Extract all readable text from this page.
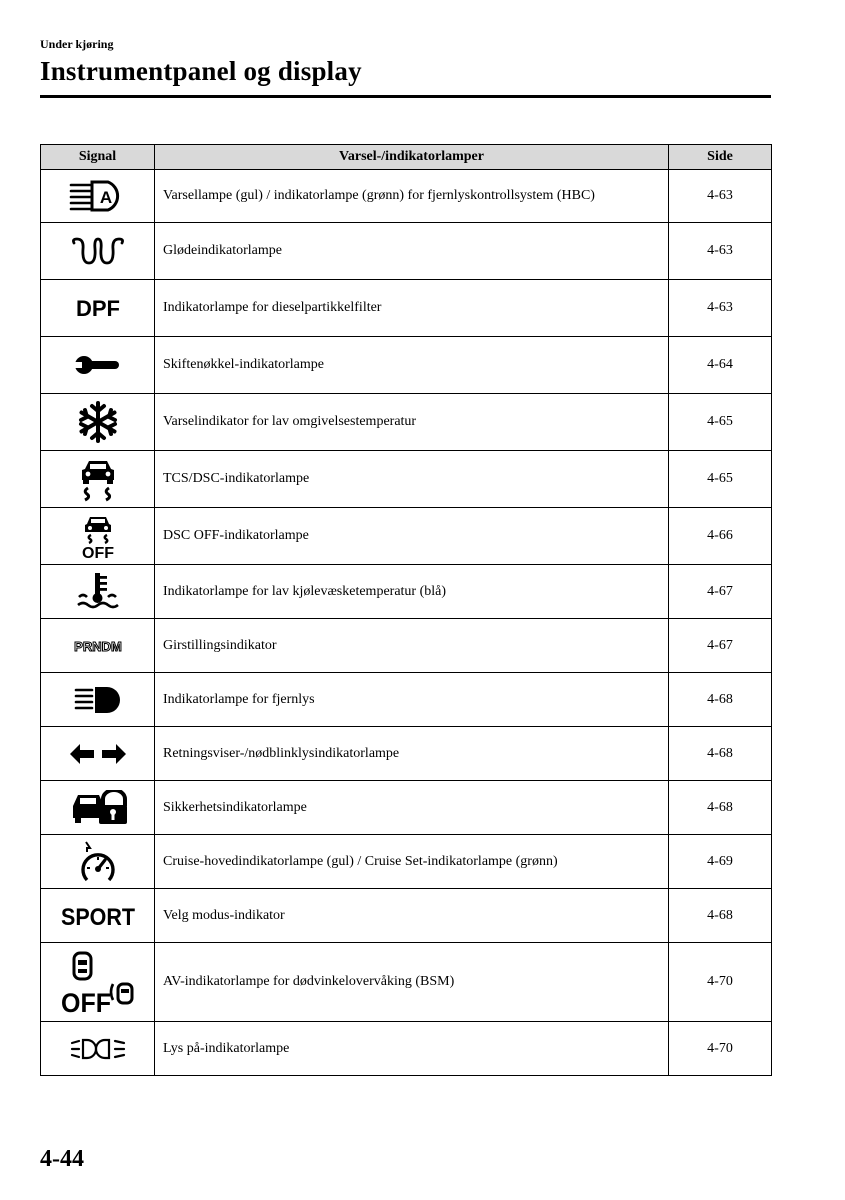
Under kjøring
Instrumentpanel og display
Signal	Varsel-/indikatorlamper	Side

A	Varsellampe (gul) / indikatorlampe (grønn) for fjernlyskontrollsystem (HBC)	4-63

	Glødeindikatorlampe	4-63

DPF	Indikatorlampe for dieselpartikkelfilter	4-63

	Skiftenøkkel-indikatorlampe	4-64

	Varselindikator for lav omgivelsestemperatur	4-65

	TCS/DSC-indikatorlampe	4-65

OFF	DSC OFF-indikatorlampe	4-66

	Indikatorlampe for lav kjølevæsketemperatur (blå)	4-67

PRNDM	Girstillingsindikator	4-67

	Indikatorlampe for fjernlys	4-68

	Retningsviser-/nødblinklysindikatorlampe	4-68

	Sikkerhetsindikatorlampe	4-68

	Cruise-hovedindikatorlampe (gul) / Cruise Set-indikatorlampe (grønn)	4-69

SPORT	Velg modus-indikator	4-68

OFF	AV-indikatorlampe for dødvinkelovervåking (BSM)	4-70

	Lys på-indikatorlampe	4-70
4-44
